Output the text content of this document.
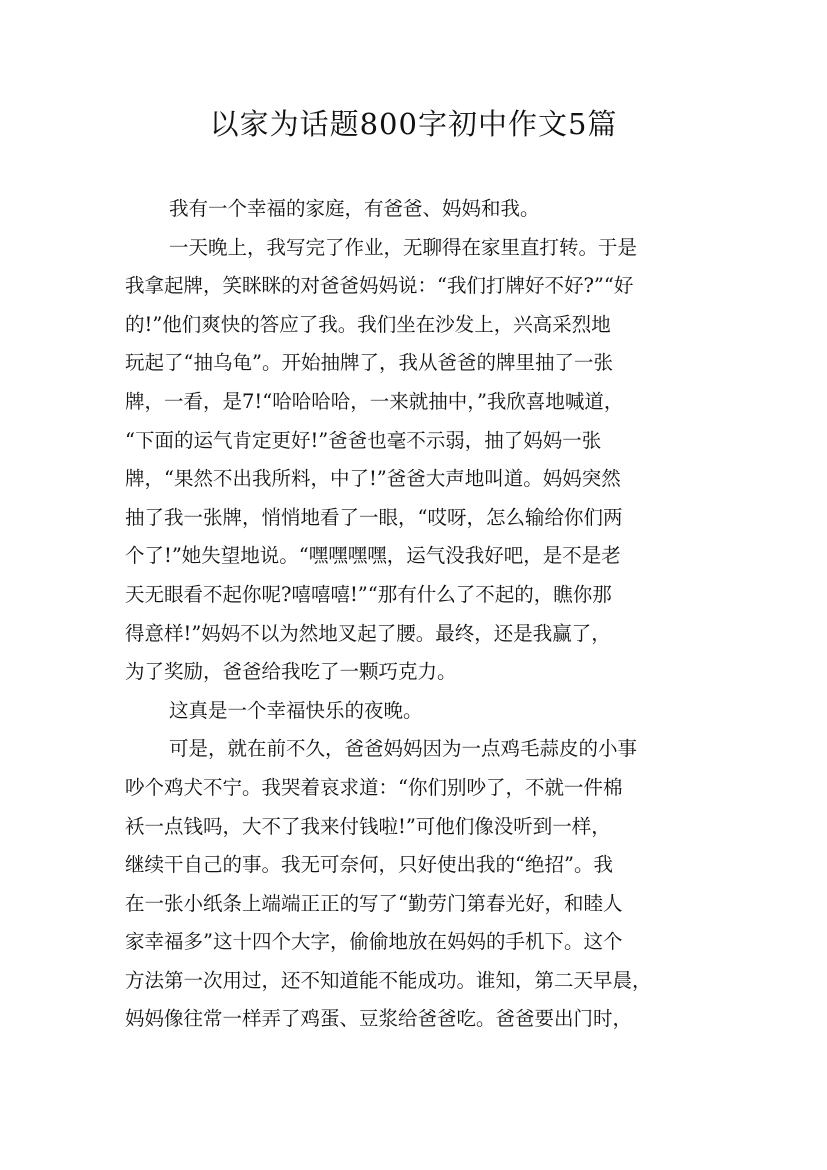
以家为话题800字初中作文5篇
我有一个幸福的家庭，有爸爸、妈妈和我。
一天晚上，我写完了作业，无聊得在家里直打转。于是
我拿起牌，笑眯眯的对爸爸妈妈说：“我们打牌好不好?”“好
的!”他们爽快的答应了我。我们坐在沙发上，兴高采烈地
玩起了“抽乌龟”。开始抽牌了，我从爸爸的牌里抽了一张
牌，一看，是7!“哈哈哈哈，一来就抽中，”我欣喜地喊道，
“下面的运气肯定更好!”爸爸也毫不示弱，抽了妈妈一张
牌，“果然不出我所料，中了!”爸爸大声地叫道。妈妈突然
抽了我一张牌，悄悄地看了一眼，“哎呀，怎么输给你们两
个了!”她失望地说。“嘿嘿嘿嘿，运气没我好吧，是不是老
天无眼看不起你呢?嘻嘻嘻!”“那有什么了不起的，瞧你那
得意样!”妈妈不以为然地叉起了腰。最终，还是我赢了，
为了奖励，爸爸给我吃了一颗巧克力。
这真是一个幸福快乐的夜晚。
可是，就在前不久，爸爸妈妈因为一点鸡毛蒜皮的小事
吵个鸡犬不宁。我哭着哀求道：“你们别吵了，不就一件棉
袄一点钱吗，大不了我来付钱啦!”可他们像没听到一样，
继续干自己的事。我无可奈何，只好使出我的“绝招”。我
在一张小纸条上端端正正的写了“勤劳门第春光好，和睦人
家幸福多”这十四个大字，偷偷地放在妈妈的手机下。这个
方法第一次用过，还不知道能不能成功。谁知，第二天早晨，
妈妈像往常一样弄了鸡蛋、豆浆给爸爸吃。爸爸要出门时，
